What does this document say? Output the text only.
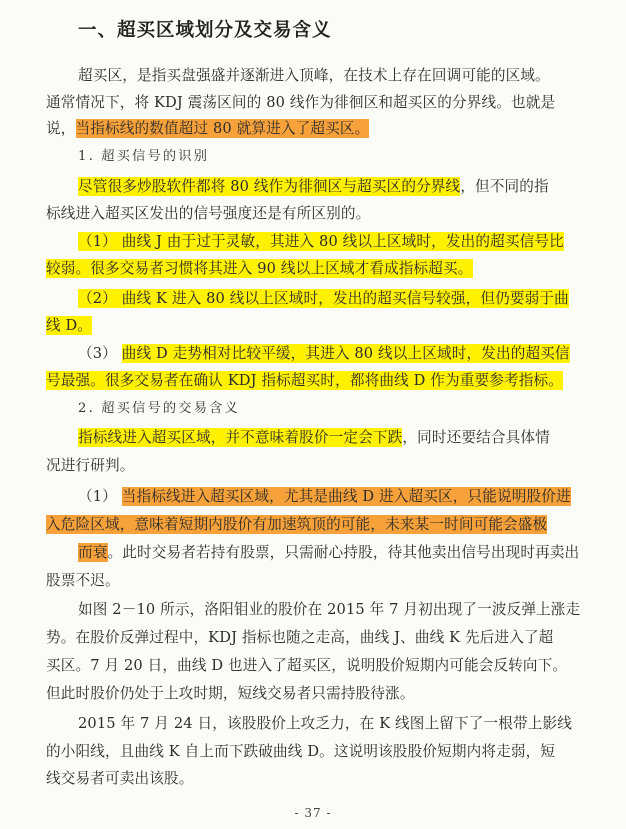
一、超买区域划分及交易含义
超买区，是指买盘强盛并逐渐进入顶峰，在技术上存在回调可能的区域。
通常情况下，将 KDJ 震荡区间的 80 线作为徘徊区和超买区的分界线。也就是
说，当指标线的数值超过 80 就算进入了超买区。
1. 超买信号的识别
尽管很多炒股软件都将 80 线作为徘徊区与超买区的分界线，但不同的指
标线进入超买区发出的信号强度还是有所区别的。
（1） 曲线 J 由于过于灵敏，其进入 80 线以上区域时，发出的超买信号比
较弱。很多交易者习惯将其进入 90 线以上区域才看成指标超买。
（2） 曲线 K 进入 80 线以上区域时，发出的超买信号较强，但仍要弱于曲
线 D。
（3） 曲线 D 走势相对比较平缓，其进入 80 线以上区域时，发出的超买信
号最强。很多交易者在确认 KDJ 指标超买时，都将曲线 D 作为重要参考指标。
2. 超买信号的交易含义
指标线进入超买区域，并不意味着股价一定会下跌，同时还要结合具体情
况进行研判。
（1） 当指标线进入超买区域，尤其是曲线 D 进入超买区，只能说明股价进
入危险区域，意味着短期内股价有加速筑顶的可能，未来某一时间可能会盛极
而衰。此时交易者若持有股票，只需耐心持股，待其他卖出信号出现时再卖出
股票不迟。
如图 2－10 所示，洛阳钼业的股价在 2015 年 7 月初出现了一波反弹上涨走
势。在股价反弹过程中，KDJ 指标也随之走高，曲线 J、曲线 K 先后进入了超
买区。7 月 20 日，曲线 D 也进入了超买区，说明股价短期内可能会反转向下。
但此时股价仍处于上攻时期，短线交易者只需持股待涨。
2015 年 7 月 24 日，该股股价上攻乏力，在 K 线图上留下了一根带上影线
的小阳线，且曲线 K 自上而下跌破曲线 D。这说明该股股价短期内将走弱，短
线交易者可卖出该股。
- 37 -
